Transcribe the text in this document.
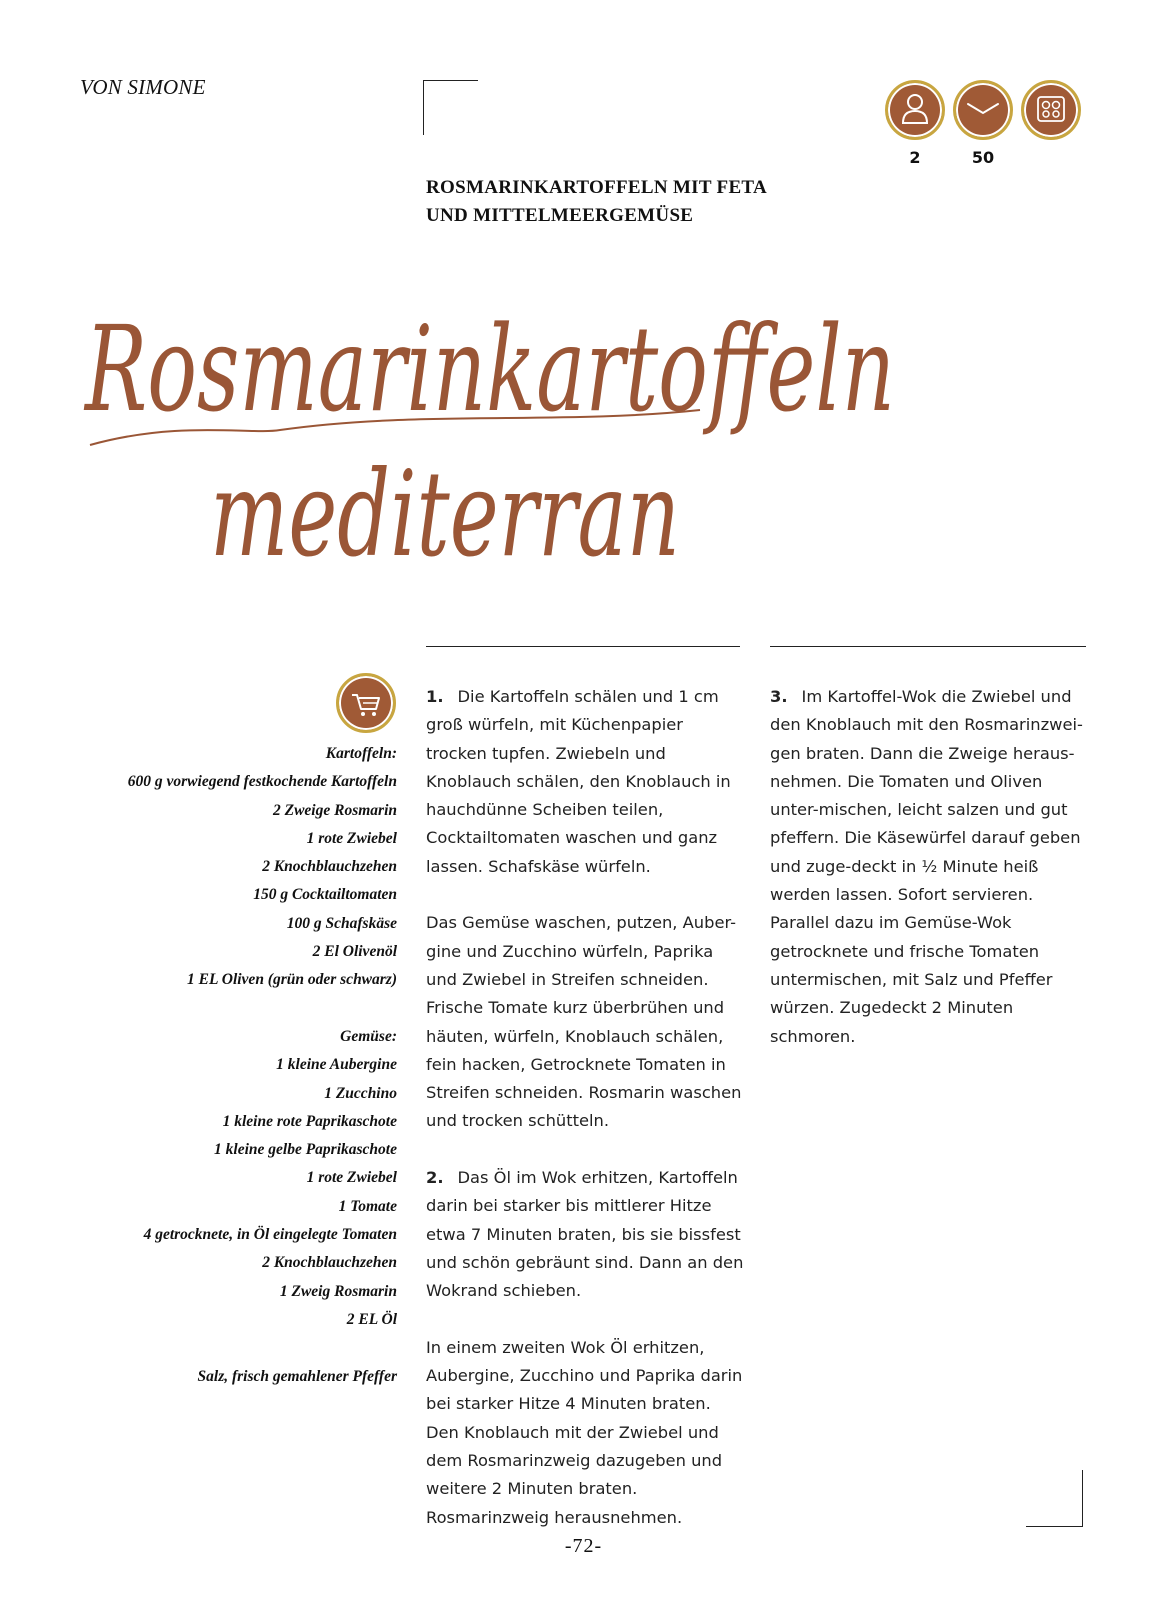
VON SIMONE
2	50
ROSMARINKARTOFFELN MIT FETA
UND MITTELMEERGEMÜSE
Rosmarinkartoffeln
mediterran
Kartoffeln:
600 g vorwiegend festkochende Kartoffeln
2 Zweige Rosmarin
1 rote Zwiebel
2 Knochblauchzehen
150 g Cocktailtomaten
100 g Schafskäse
2 El Olivenöl
1 EL Oliven (grün oder schwarz)
Gemüse:
1 kleine Aubergine
1 Zucchino
1 kleine rote Paprikaschote
1 kleine gelbe Paprikaschote
1 rote Zwiebel
1 Tomate
4 getrocknete, in Öl eingelegte Tomaten
2 Knochblauchzehen
1 Zweig Rosmarin
2 EL Öl
Salz, frisch gemahlener Pfeffer

1. Die Kartoffeln schälen und 1 cm groß würfeln, mit Küchenpapier trocken tupfen. Zwiebeln und Knoblauch schälen, den Knoblauch in hauchdünne Scheiben teilen, Cocktailtomaten waschen und ganz lassen. Schafskäse würfeln.

Das Gemüse waschen, putzen, Auber-gine und Zucchino würfeln, Paprika und Zwiebel in Streifen schneiden. Frische Tomate kurz überbrühen und häuten, würfeln, Knoblauch schälen, fein hacken, Getrocknete Tomaten in Streifen schneiden. Rosmarin waschen und trocken schütteln.

2. Das Öl im Wok erhitzen, Kartoffeln darin bei starker bis mittlerer Hitze etwa 7 Minuten braten, bis sie bissfest und schön gebräunt sind. Dann an den Wokrand schieben.

In einem zweiten Wok Öl erhitzen, Aubergine, Zucchino und Paprika darin bei starker Hitze 4 Minuten braten. Den Knoblauch mit der Zwiebel und dem Rosmarinzweig dazugeben und weitere 2 Minuten braten. Rosmarinzweig herausnehmen.

3. Im Kartoffel-Wok die Zwiebel und den Knoblauch mit den Rosmarinzwei-gen braten. Dann die Zweige heraus-nehmen. Die Tomaten und Oliven unter-mischen, leicht salzen und gut pfeffern. Die Käsewürfel darauf geben und zuge-deckt in ½ Minute heiß werden lassen. Sofort servieren. Parallel dazu im Gemüse-Wok getrocknete und frische Tomaten untermischen, mit Salz und Pfeffer würzen. Zugedeckt 2 Minuten schmoren.

-72-
